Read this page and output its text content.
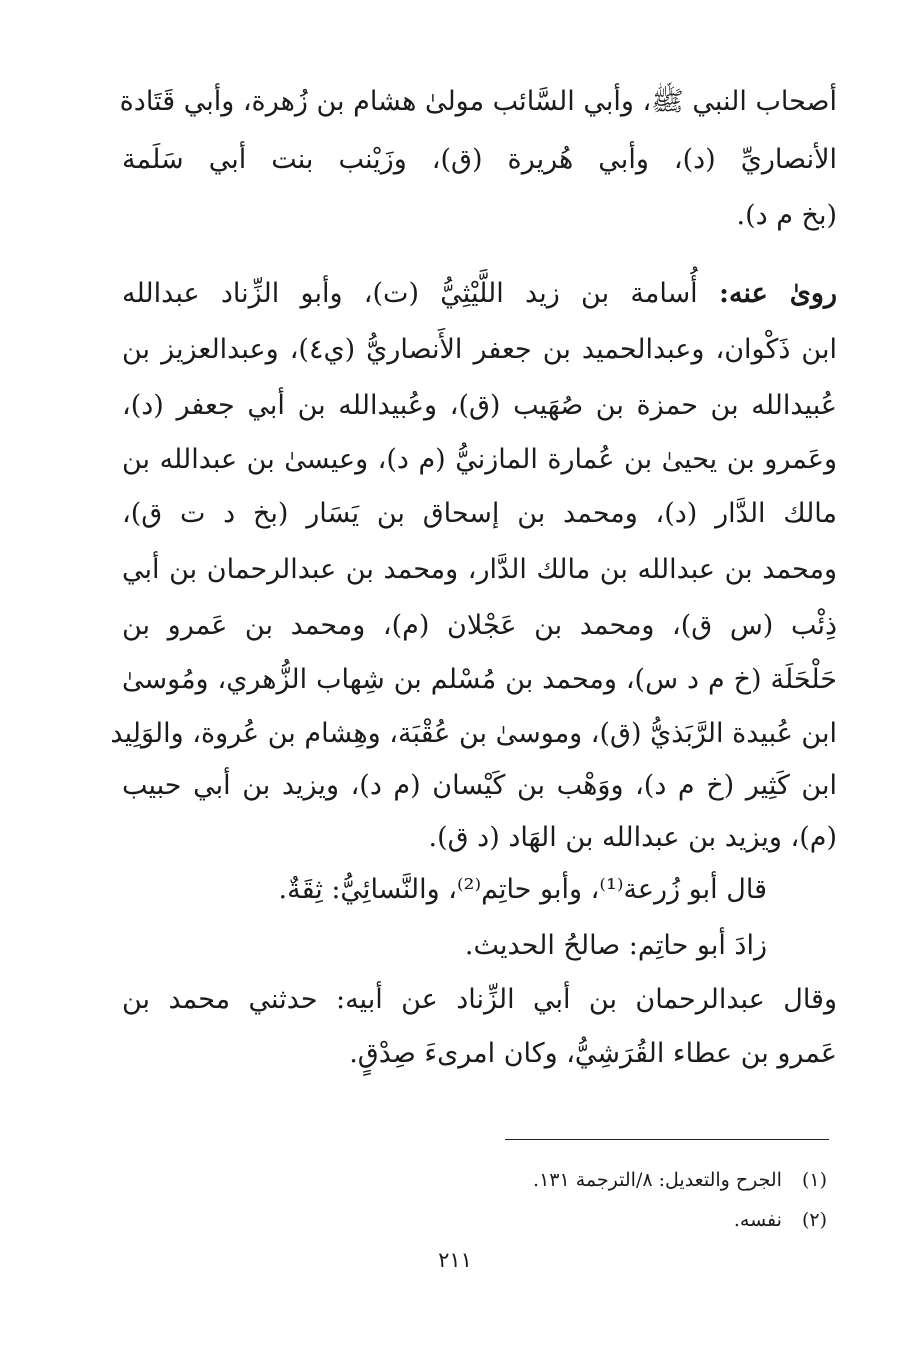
أصحاب النبي ﷺ، وأبي السَّائب مولىٰ هشام بن زُهرة، وأبي قَتَادة
الأنصاريِّ (د)، وأبي هُريرة (ق)، وزَيْنب بنت أبي سَلَمة
(بخ م د).
روىٰ عنه: أُسامة بن زيد اللَّيْثِيُّ (ت)، وأبو الزِّناد عبدالله
ابن ذَكْوان، وعبدالحميد بن جعفر الأَنصاريُّ (ي٤)، وعبدالعزيز بن
عُبيدالله بن حمزة بن صُهَيب (ق)، وعُبيدالله بن أبي جعفر (د)،
وعَمرو بن يحيىٰ بن عُمارة المازنيُّ (م د)، وعيسىٰ بن عبدالله بن
مالك الدَّار (د)، ومحمد بن إسحاق بن يَسَار (بخ د ت ق)،
ومحمد بن عبدالله بن مالك الدَّار، ومحمد بن عبدالرحمان بن أبي
ذِئْب (س ق)، ومحمد بن عَجْلان (م)، ومحمد بن عَمرو بن
حَلْحَلَة (خ م د س)، ومحمد بن مُسْلم بن شِهاب الزُّهري، ومُوسىٰ
ابن عُبيدة الرَّبَذيُّ (ق)، وموسىٰ بن عُقْبَة، وهِشام بن عُروة، والوَلِيد
ابن كَثِير (خ م د)، ووَهْب بن كَيْسان (م د)، ويزيد بن أبي حبيب
(م)، ويزيد بن عبدالله بن الهَاد (د ق).
قال أبو زُرعة⁽¹⁾، وأبو حاتِم⁽²⁾، والنَّسائِيُّ: ثِقَةٌ.
زادَ أبو حاتِم: صالحُ الحديث.
وقال عبدالرحمان بن أبي الزِّناد عن أبيه: حدثني محمد بن
عَمرو بن عطاء القُرَشِيُّ، وكان امرىءَ صِدْقٍ.
(١)الجرح والتعديل: ٨/الترجمة ١٣١.
(٢)نفسه.
٢١١
